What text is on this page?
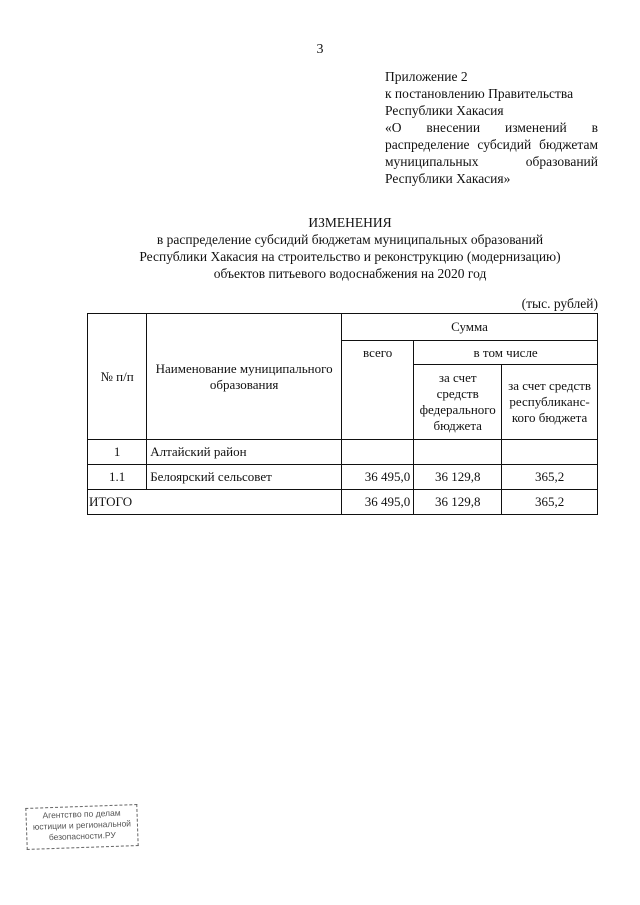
3
Приложение 2
к постановлению Правительства
Республики Хакасия
«О внесении изменений в
распределение субсидий бюджетам
муниципальных образований
Республики Хакасия»
ИЗМЕНЕНИЯ
в распределение субсидий бюджетам муниципальных образований
Республики Хакасия на строительство и реконструкцию (модернизацию)
объектов питьевого водоснабжения на 2020 год
(тыс. рублей)
№ п/п	Наименование муниципального образования	Сумма		
		всего	в том числе	
			за счет средств федерального бюджета	за счет средств республиканс-кого бюджета
1	Алтайский район			
1.1	Белоярский сельсовет	36 495,0	36 129,8	365,2
ИТОГО		36 495,0	36 129,8	365,2
Агентство по делам
юстиции и региональной
безопасности.РУ
